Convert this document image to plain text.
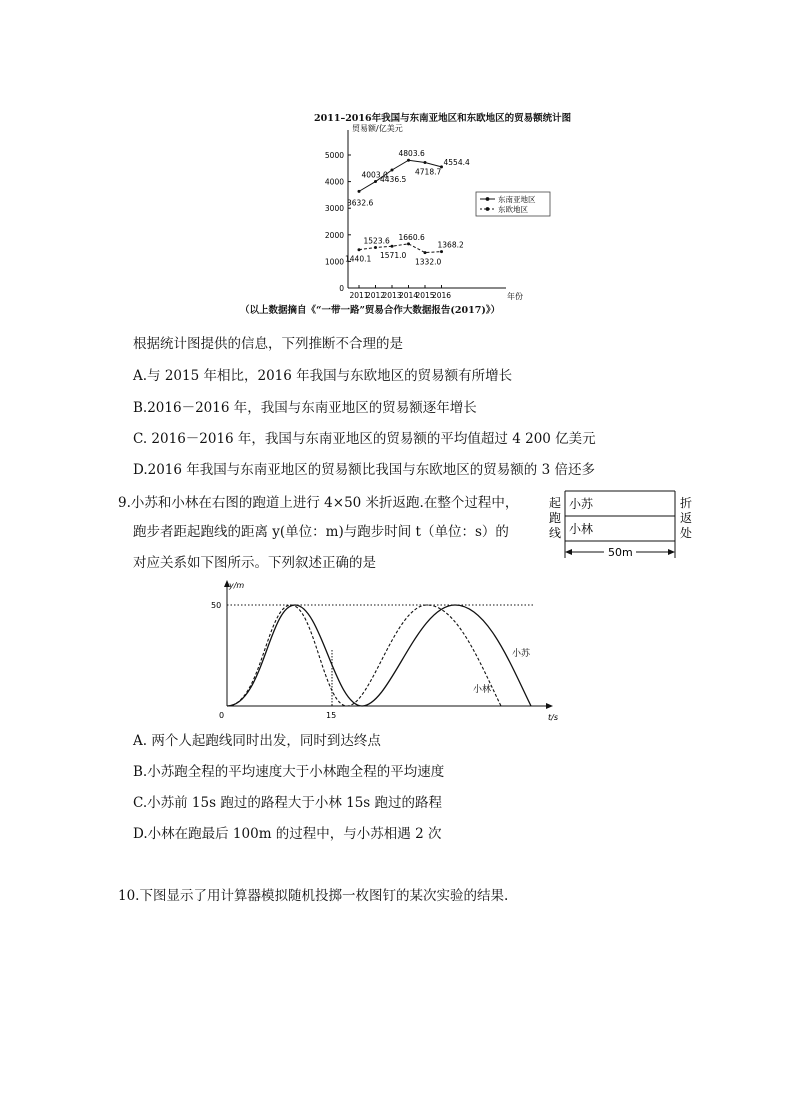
2011–2016年我国与东南亚地区和东欧地区的贸易额统计图
贸易额/亿美元
年份
东南亚地区
东欧地区
0
1000
2000
3000
4000
5000
2011
2012
2013
2014
2015
2016
3632.6
4003.0
4436.5
4803.6
4718.7
4554.4
1440.1
1523.6
1571.0
1660.6
1332.0
1368.2
（以上数据摘自《“一带一路”贸易合作大数据报告(2017)》）
根据统计图提供的信息，下列推断不合理的是
A.与 2015 年相比，2016 年我国与东欧地区的贸易额有所增长
B.2016－2016 年，我国与东南亚地区的贸易额逐年增长
C. 2016－2016 年，我国与东南亚地区的贸易额的平均值超过 4 200 亿美元
D.2016 年我国与东南亚地区的贸易额比我国与东欧地区的贸易额的 3 倍还多
9.小苏和小林在右图的跑道上进行 4×50 米折返跑.在整个过程中，
跑步者距起跑线的距离 y(单位：m)与跑步时间 t（单位：s）的
对应关系如下图所示。下列叙述正确的是
起
跑
线
折
返
处
小苏
小林
50m
y/m
t/s
50
15
0
小苏
小林
A. 两个人起跑线同时出发，同时到达终点
B.小苏跑全程的平均速度大于小林跑全程的平均速度
C.小苏前 15s 跑过的路程大于小林 15s 跑过的路程
D.小林在跑最后 100m 的过程中，与小苏相遇 2 次
10.下图显示了用计算器模拟随机投掷一枚图钉的某次实验的结果.
